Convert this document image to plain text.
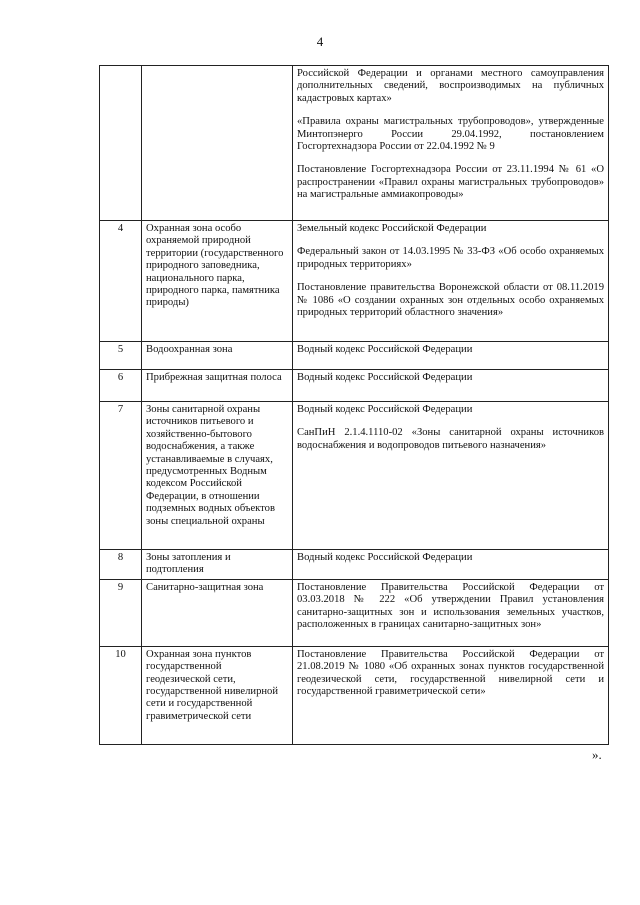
4

		Российской Федерации и органами местного самоуправления дополнительных сведений, воспроизводимых на публичных кадастровых картах»

«Правила охраны магистральных трубопроводов», утвержденные Минтопэнерго России 29.04.1992, постановлением Госгортехнадзора России от 22.04.1992 № 9

Постановление Госгортехнадзора России от 23.11.1994 № 61 «О распространении «Правил охраны магистральных трубопроводов» на магистральные аммиакопроводы»

4	Охранная зона особо охраняемой природной территории (государственного природного заповедника, национального парка, природного парка, памятника природы)	Земельный кодекс Российской Федерации

Федеральный закон от 14.03.1995 № 33-ФЗ «Об особо охраняемых природных территориях»

Постановление правительства Воронежской области от 08.11.2019 № 1086 «О создании охранных зон отдельных особо охраняемых природных территорий областного значения»

5	Водоохранная зона	Водный кодекс Российской Федерации

6	Прибрежная защитная полоса	Водный кодекс Российской Федерации

7	Зоны санитарной охраны источников питьевого и хозяйственно-бытового водоснабжения, а также устанавливаемые в случаях, предусмотренных Водным кодексом Российской Федерации, в отношении подземных водных объектов зоны специальной охраны	Водный кодекс Российской Федерации

СанПиН 2.1.4.1110-02 «Зоны санитарной охраны источников водоснабжения и водопроводов питьевого назначения»

8	Зоны затопления и подтопления	Водный кодекс Российской Федерации

9	Санитарно-защитная зона	Постановление Правительства Российской Федерации от 03.03.2018 № 222 «Об утверждении Правил установления санитарно-защитных зон и использования земельных участков, расположенных в границах санитарно-защитных зон»

10	Охранная зона пунктов государственной геодезической сети, государственной нивелирной сети и государственной гравиметрической сети	Постановление Правительства Российской Федерации от 21.08.2019 № 1080 «Об охранных зонах пунктов государственной геодезической сети, государственной нивелирной сети и государственной гравиметрической сети»

».
